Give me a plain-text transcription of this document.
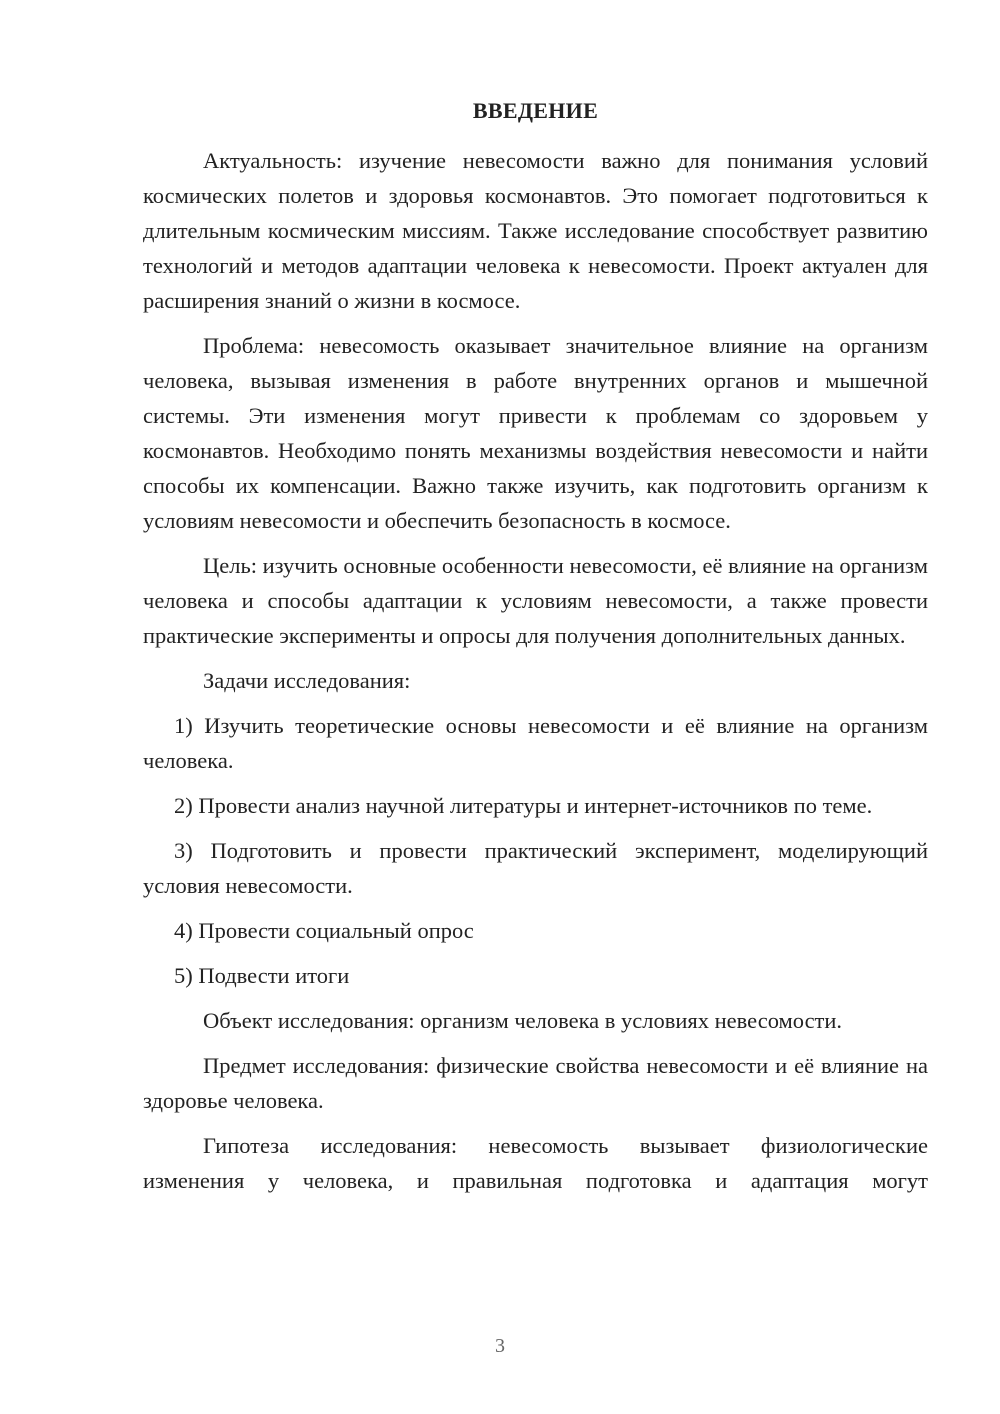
ВВЕДЕНИЕ

Актуальность: изучение невесомости важно для понимания условий космических полетов и здоровья космонавтов. Это помогает подготовиться к длительным космическим миссиям. Также исследование способствует развитию технологий и методов адаптации человека к невесомости. Проект актуален для расширения знаний о жизни в космосе.

Проблема: невесомость оказывает значительное влияние на организм человека, вызывая изменения в работе внутренних органов и мышечной системы. Эти изменения могут привести к проблемам со здоровьем у космонавтов. Необходимо понять механизмы воздействия невесомости и найти способы их компенсации. Важно также изучить, как подготовить организм к условиям невесомости и обеспечить безопасность в космосе.

Цель: изучить основные особенности невесомости, её влияние на организм человека и способы адаптации к условиям невесомости, а также провести практические эксперименты и опросы для получения дополнительных данных.

Задачи исследования:

1) Изучить теоретические основы невесомости и её влияние на организм человека.

2) Провести анализ научной литературы и интернет-источников по теме.

3) Подготовить и провести практический эксперимент, моделирующий условия невесомости.

4) Провести социальный опрос

5) Подвести итоги

Объект исследования: организм человека в условиях невесомости.

Предмет исследования: физические свойства невесомости и её влияние на здоровье человека.

Гипотеза исследования: невесомость вызывает физиологические изменения у человека, и правильная подготовка и адаптация могут

3
